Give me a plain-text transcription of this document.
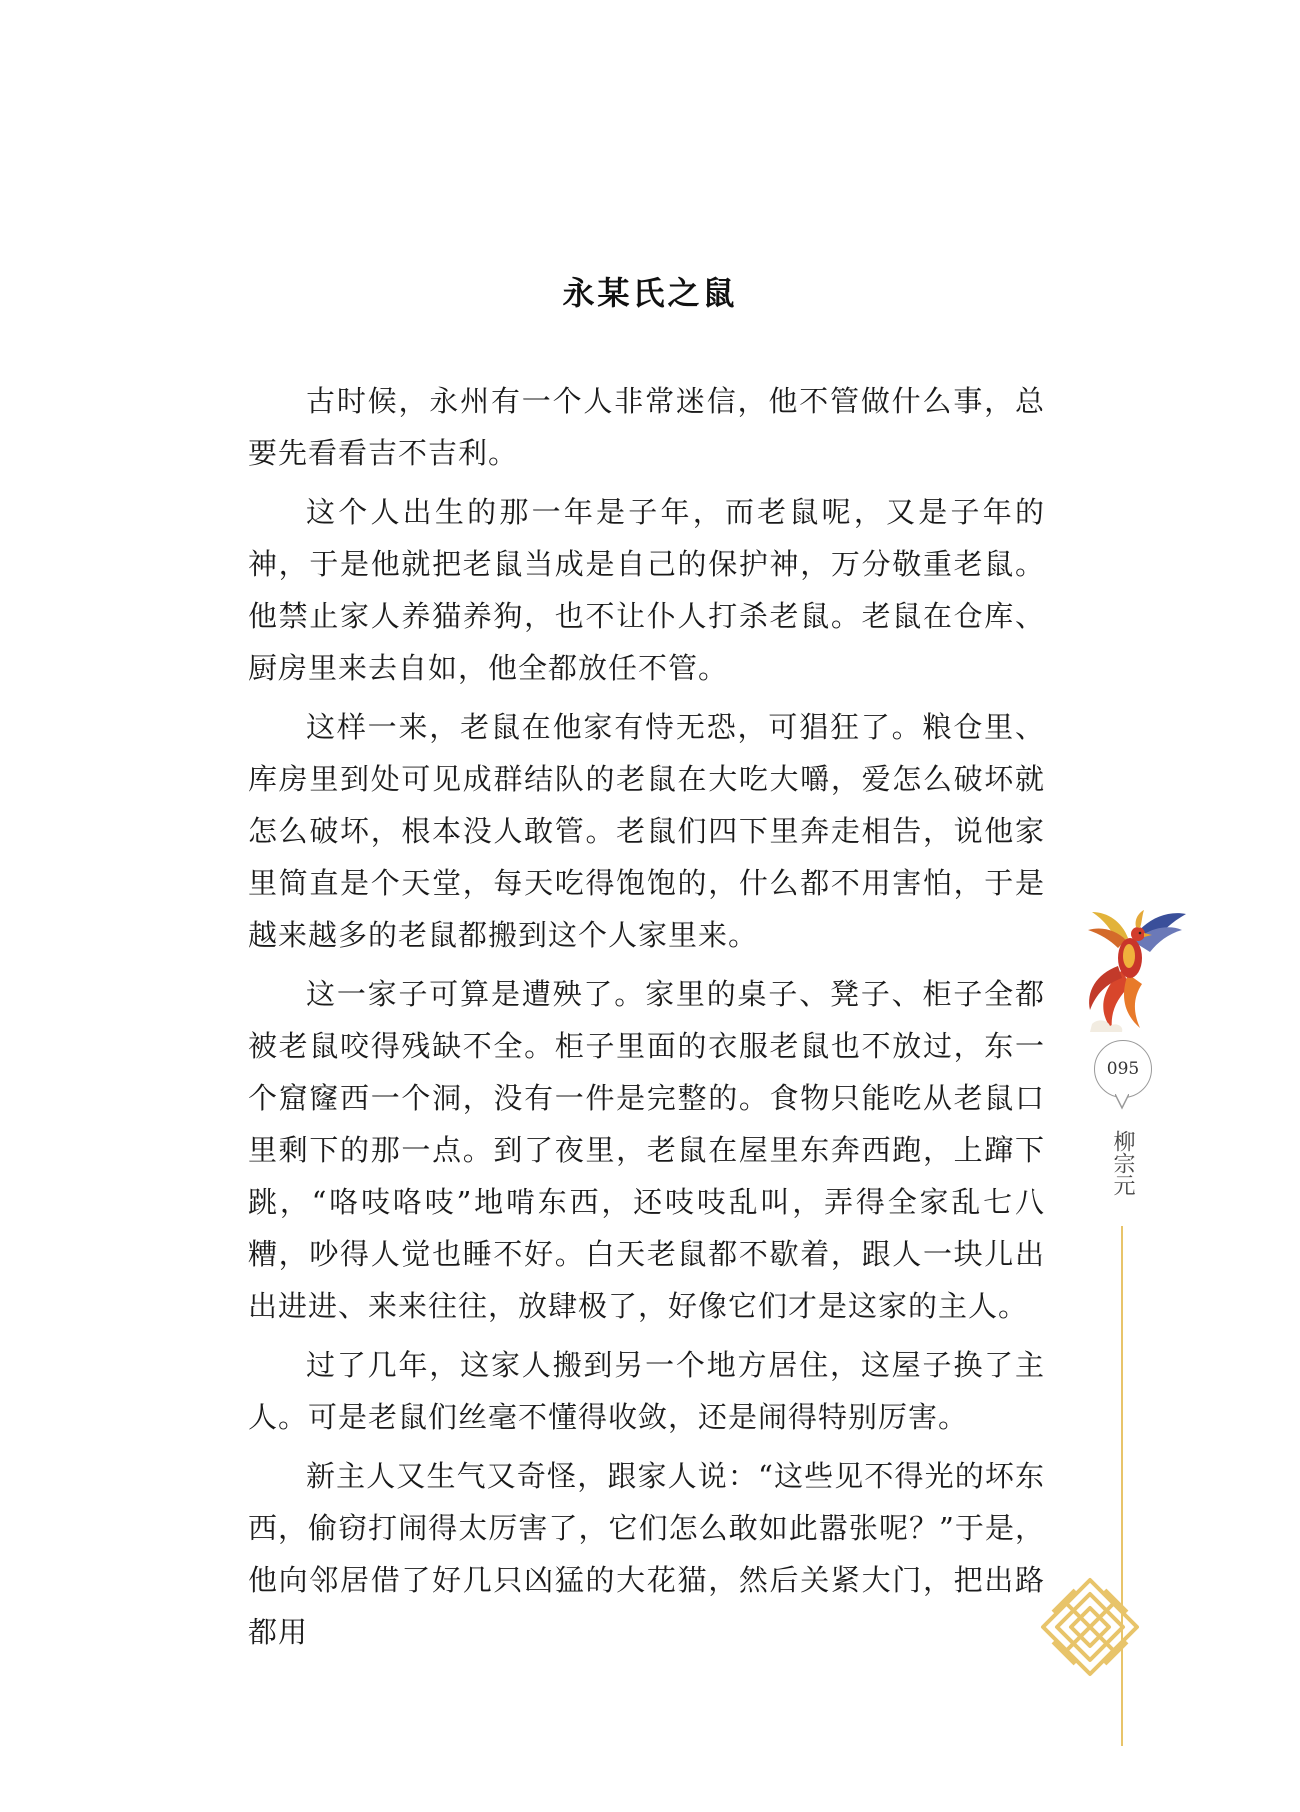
永某氏之鼠

古时候，永州有一个人非常迷信，他不管做什么事，总要先看看吉不吉利。

这个人出生的那一年是子年，而老鼠呢，又是子年的神，于是他就把老鼠当成是自己的保护神，万分敬重老鼠。他禁止家人养猫养狗，也不让仆人打杀老鼠。老鼠在仓库、厨房里来去自如，他全都放任不管。

这样一来，老鼠在他家有恃无恐，可猖狂了。粮仓里、库房里到处可见成群结队的老鼠在大吃大嚼，爱怎么破坏就怎么破坏，根本没人敢管。老鼠们四下里奔走相告，说他家里简直是个天堂，每天吃得饱饱的，什么都不用害怕，于是越来越多的老鼠都搬到这个人家里来。

这一家子可算是遭殃了。家里的桌子、凳子、柜子全都被老鼠咬得残缺不全。柜子里面的衣服老鼠也不放过，东一个窟窿西一个洞，没有一件是完整的。食物只能吃从老鼠口里剩下的那一点。到了夜里，老鼠在屋里东奔西跑，上蹿下跳，“咯吱咯吱”地啃东西，还吱吱乱叫，弄得全家乱七八糟，吵得人觉也睡不好。白天老鼠都不歇着，跟人一块儿出出进进、来来往往，放肆极了，好像它们才是这家的主人。

过了几年，这家人搬到另一个地方居住，这屋子换了主人。可是老鼠们丝毫不懂得收敛，还是闹得特别厉害。

新主人又生气又奇怪，跟家人说：“这些见不得光的坏东西，偷窃打闹得太厉害了，它们怎么敢如此嚣张呢？”于是，他向邻居借了好几只凶猛的大花猫，然后关紧大门，把出路都用

095
柳宗元
